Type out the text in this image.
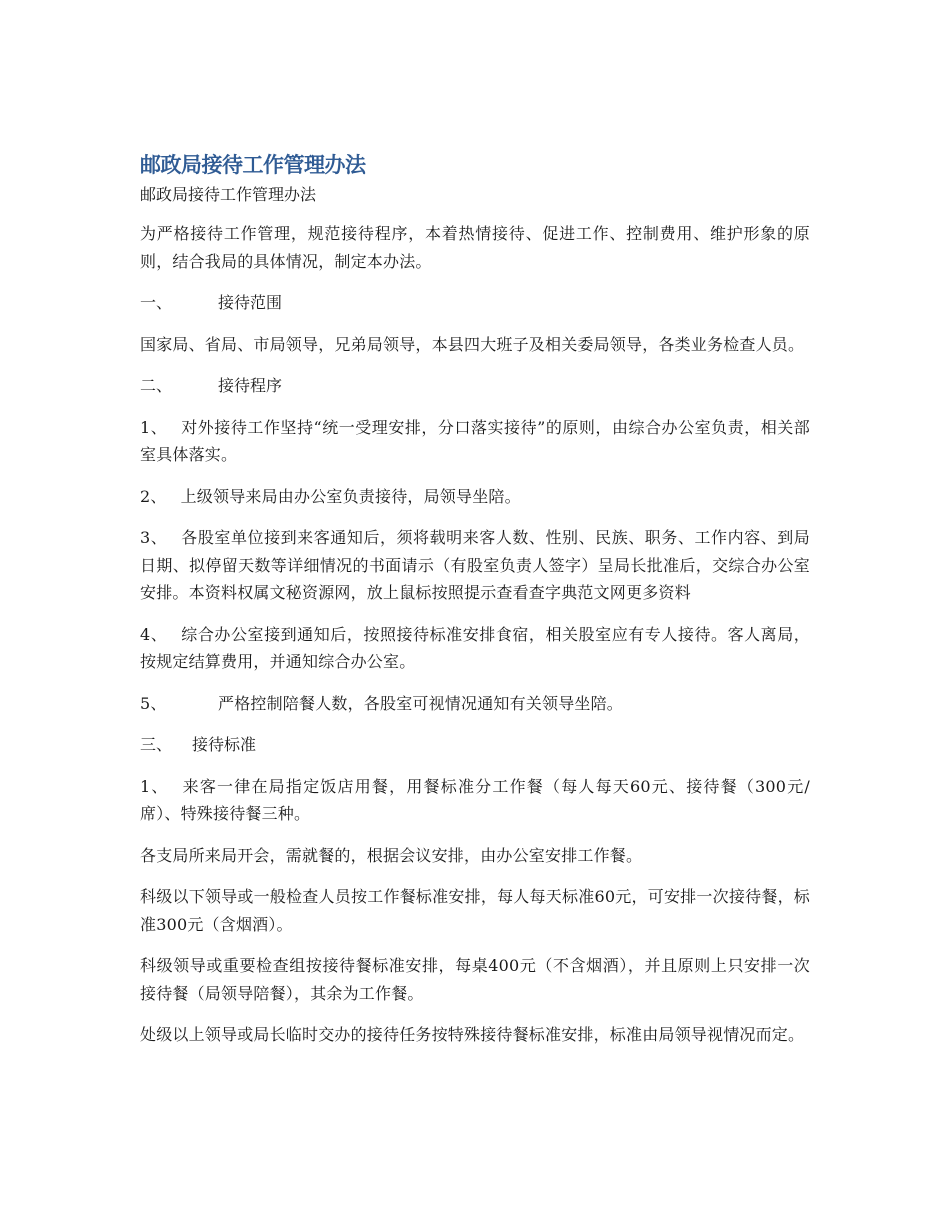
邮政局接待工作管理办法
邮政局接待工作管理办法

为严格接待工作管理，规范接待程序，本着热情接待、促进工作、控制费用、维护形象的原则，结合我局的具体情况，制定本办法。

一、	接待范围

国家局、省局、市局领导，兄弟局领导，本县四大班子及相关委局领导，各类业务检查人员。

二、	接待程序

1、 对外接待工作坚持“统一受理安排，分口落实接待”的原则，由综合办公室负责，相关部室具体落实。

2、 上级领导来局由办公室负责接待，局领导坐陪。

3、 各股室单位接到来客通知后，须将载明来客人数、性别、民族、职务、工作内容、到局日期、拟停留天数等详细情况的书面请示（有股室负责人签字）呈局长批准后，交综合办公室安排。本资料权属文秘资源网，放上鼠标按照提示查看查字典范文网更多资料

4、 综合办公室接到通知后，按照接待标准安排食宿，相关股室应有专人接待。客人离局，按规定结算费用，并通知综合办公室。

5、	严格控制陪餐人数，各股室可视情况通知有关领导坐陪。

三、	接待标准

1、 来客一律在局指定饭店用餐，用餐标准分工作餐（每人每天60元、接待餐（300元/席）、特殊接待餐三种。

各支局所来局开会，需就餐的，根据会议安排，由办公室安排工作餐。

科级以下领导或一般检查人员按工作餐标准安排，每人每天标准60元，可安排一次接待餐，标准300元（含烟酒）。

科级领导或重要检查组按接待餐标准安排，每桌400元（不含烟酒），并且原则上只安排一次接待餐（局领导陪餐），其余为工作餐。

处级以上领导或局长临时交办的接待任务按特殊接待餐标准安排，标准由局领导视情况而定。
